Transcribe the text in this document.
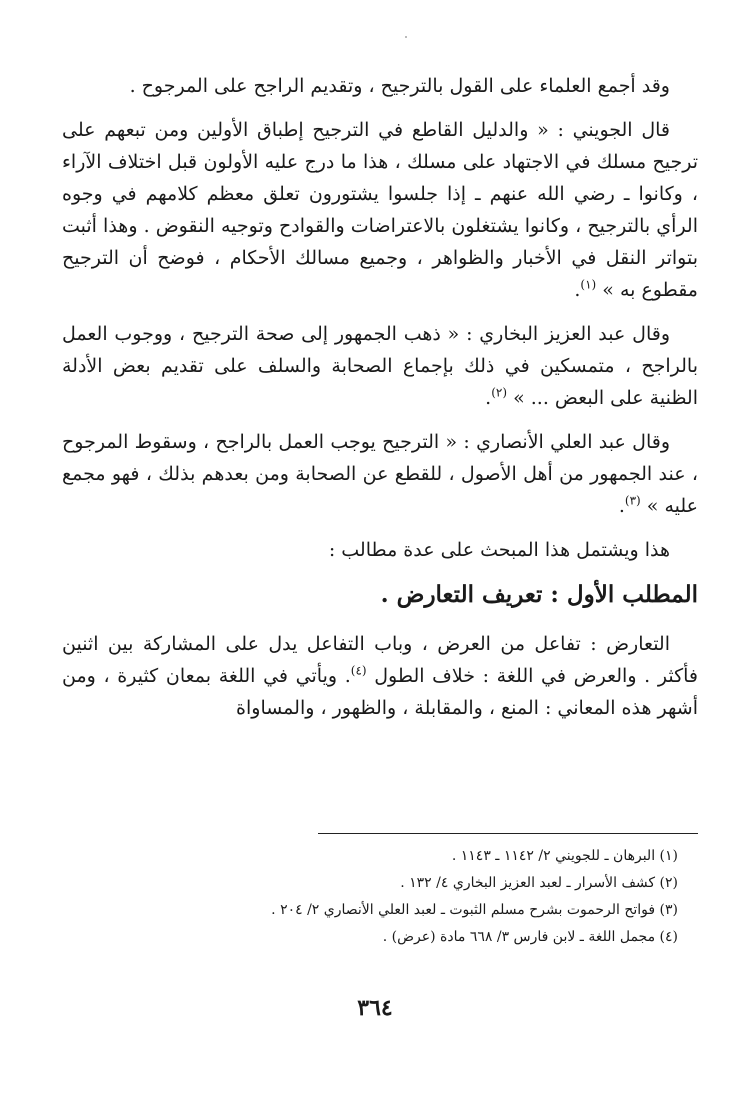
وقد أجمع العلماء على القول بالترجيح ، وتقديم الراجح على المرجوح .

قال الجويني : « والدليل القاطع في الترجيح إطباق الأولين ومن تبعهم على ترجيح مسلك في الاجتهاد على مسلك ، هذا ما درج عليه الأولون قبل اختلاف الآراء ، وكانوا ـ رضي الله عنهم ـ إذا جلسوا يشتورون تعلق معظم كلامهم في وجوه الرأي بالترجيح ، وكانوا يشتغلون بالاعتراضات والقوادح وتوجيه النقوض . وهذا أثبت بتواتر النقل في الأخبار والظواهر ، وجميع مسالك الأحكام ، فوضح أن الترجيح مقطوع به » $^{(١)}$.

وقال عبد العزيز البخاري : « ذهب الجمهور إلى صحة الترجيح ، ووجوب العمل بالراجح ، متمسكين في ذلك بإجماع الصحابة والسلف على تقديم بعض الأدلة الظنية على البعض ... » $^{(٢)}$.

وقال عبد العلي الأنصاري : « الترجيح يوجب العمل بالراجح ، وسقوط المرجوح ، عند الجمهور من أهل الأصول ، للقطع عن الصحابة ومن بعدهم بذلك ، فهو مجمع عليه » $^{(٣)}$.

هذا ويشتمل هذا المبحث على عدة مطالب :

المطلب الأول : تعريف التعارض .

التعارض : تفاعل من العرض ، وباب التفاعل يدل على المشاركة بين اثنين فأكثر . والعرض في اللغة : خلاف الطول $^{(٤)}$. ويأتي في اللغة بمعان كثيرة ، ومن أشهر هذه المعاني : المنع ، والمقابلة ، والظهور ، والمساواة

(١) البرهان ـ للجويني ٢/ ١١٤٢ ـ ١١٤٣ .
(٢) كشف الأسرار ـ لعبد العزيز البخاري ٤/ ١٣٢ .
(٣) فواتح الرحموت بشرح مسلم الثبوت ـ لعبد العلي الأنصاري ٢/ ٢٠٤ .
(٤) مجمل اللغة ـ لابن فارس ٣/ ٦٦٨ مادة (عرض) .
٣٦٤
